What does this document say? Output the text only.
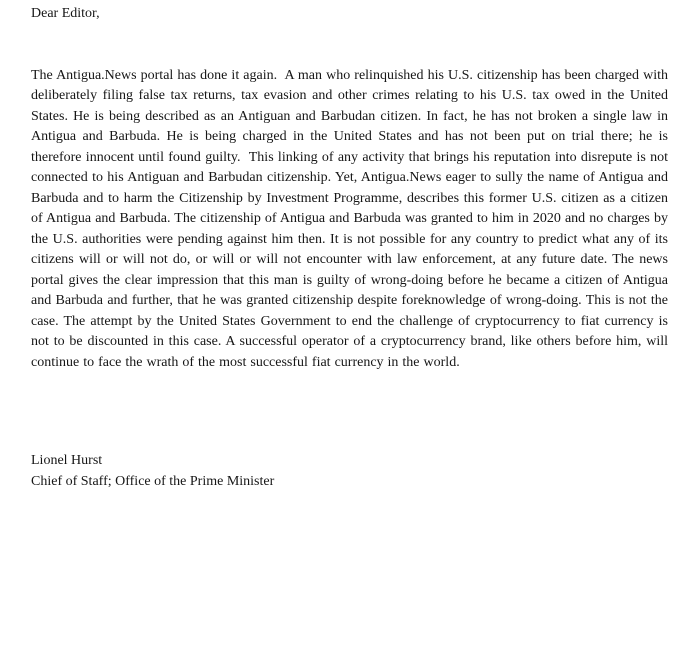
Dear Editor,
The Antigua.News portal has done it again.  A man who relinquished his U.S. citizenship has been charged with deliberately filing false tax returns, tax evasion and other crimes relating to his U.S. tax owed in the United States. He is being described as an Antiguan and Barbudan citizen. In fact, he has not broken a single law in Antigua and Barbuda. He is being charged in the United States and has not been put on trial there; he is therefore innocent until found guilty.  This linking of any activity that brings his reputation into disrepute is not connected to his Antiguan and Barbudan citizenship. Yet, Antigua.News eager to sully the name of Antigua and Barbuda and to harm the Citizenship by Investment Programme, describes this former U.S. citizen as a citizen of Antigua and Barbuda. The citizenship of Antigua and Barbuda was granted to him in 2020 and no charges by the U.S. authorities were pending against him then. It is not possible for any country to predict what any of its citizens will or will not do, or will or will not encounter with law enforcement, at any future date. The news portal gives the clear impression that this man is guilty of wrong-doing before he became a citizen of Antigua and Barbuda and further, that he was granted citizenship despite foreknowledge of wrong-doing. This is not the case. The attempt by the United States Government to end the challenge of cryptocurrency to fiat currency is not to be discounted in this case. A successful operator of a cryptocurrency brand, like others before him, will continue to face the wrath of the most successful fiat currency in the world.
Lionel Hurst
Chief of Staff; Office of the Prime Minister
